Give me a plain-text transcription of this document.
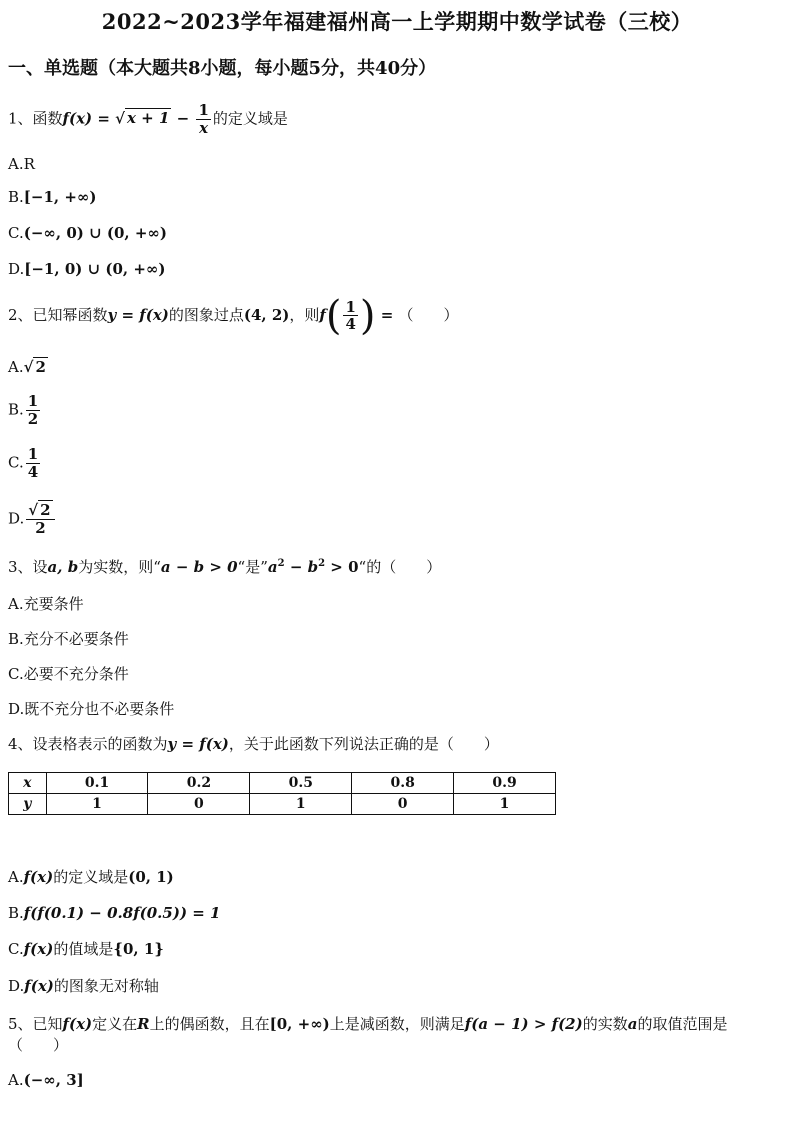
2022~2023学年福建福州高一上学期期中数学试卷（三校）
一、单选题（本大题共8小题，每小题5分，共40分）
1、函数f(x) = √ $x + 1 - \frac{1}{x}$ 的定义域是
A.R
B.[−1, +∞)
C.(−∞, 0) ∪ (0, +∞)
D.[−1, 0) ∪ (0, +∞)
2、已知幂函数y = f(x)的图象过点(4, 2)，则$f( \frac{1}{4}$ ) = （　　）
A.√ 2
B. $\frac{1}{2}$
C. $\frac{1}{4}$
D. $\frac{√ 2}{2}$
3、设a, b为实数，则“a − b > 0“是$”a^2 - b^2$ > 0“的（　　）
A.充要条件
B.充分不必要条件
C.必要不充分条件
D.既不充分也不必要条件
4、设表格表示的函数为y = f(x)，关于此函数下列说法正确的是（　　）
x	0.1	0.2	0.5	0.8	0.9
y	1	0	1	0	1
A.f(x)的定义域是(0, 1)
B.f(f(0.1) − 0.8f(0.5)) = 1
C.f(x)的值域是{0, 1}
D.f(x)的图象无对称轴
5、已知f(x)定义在R上的偶函数，且在[0, +∞)上是减函数，则满足f(a − 1) > f(2)的实数a的取值范围是
（　　）
A.(−∞, 3]
